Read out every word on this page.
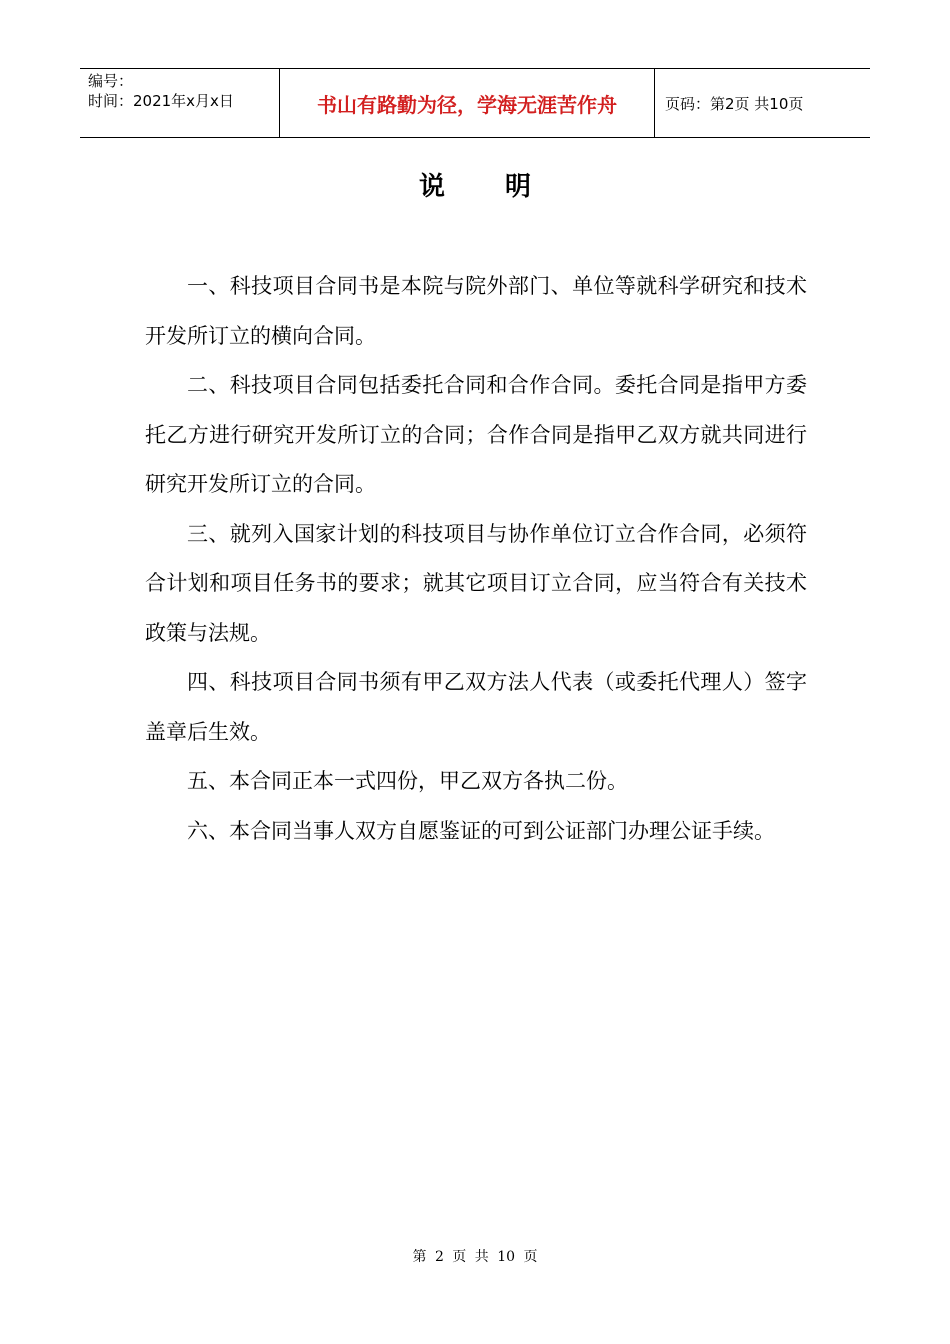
编号：
时间：2021年x月x日	书山有路勤为径，学海无涯苦作舟	页码：第2页 共10页
说明

一、科技项目合同书是本院与院外部门、单位等就科学研究和技术开发所订立的横向合同。

二、科技项目合同包括委托合同和合作合同。委托合同是指甲方委托乙方进行研究开发所订立的合同；合作合同是指甲乙双方就共同进行研究开发所订立的合同。

三、就列入国家计划的科技项目与协作单位订立合作合同，必须符合计划和项目任务书的要求；就其它项目订立合同，应当符合有关技术政策与法规。

四、科技项目合同书须有甲乙双方法人代表（或委托代理人）签字盖章后生效。

五、本合同正本一式四份，甲乙双方各执二份。

六、本合同当事人双方自愿鉴证的可到公证部门办理公证手续。

第 2 页 共 10 页
